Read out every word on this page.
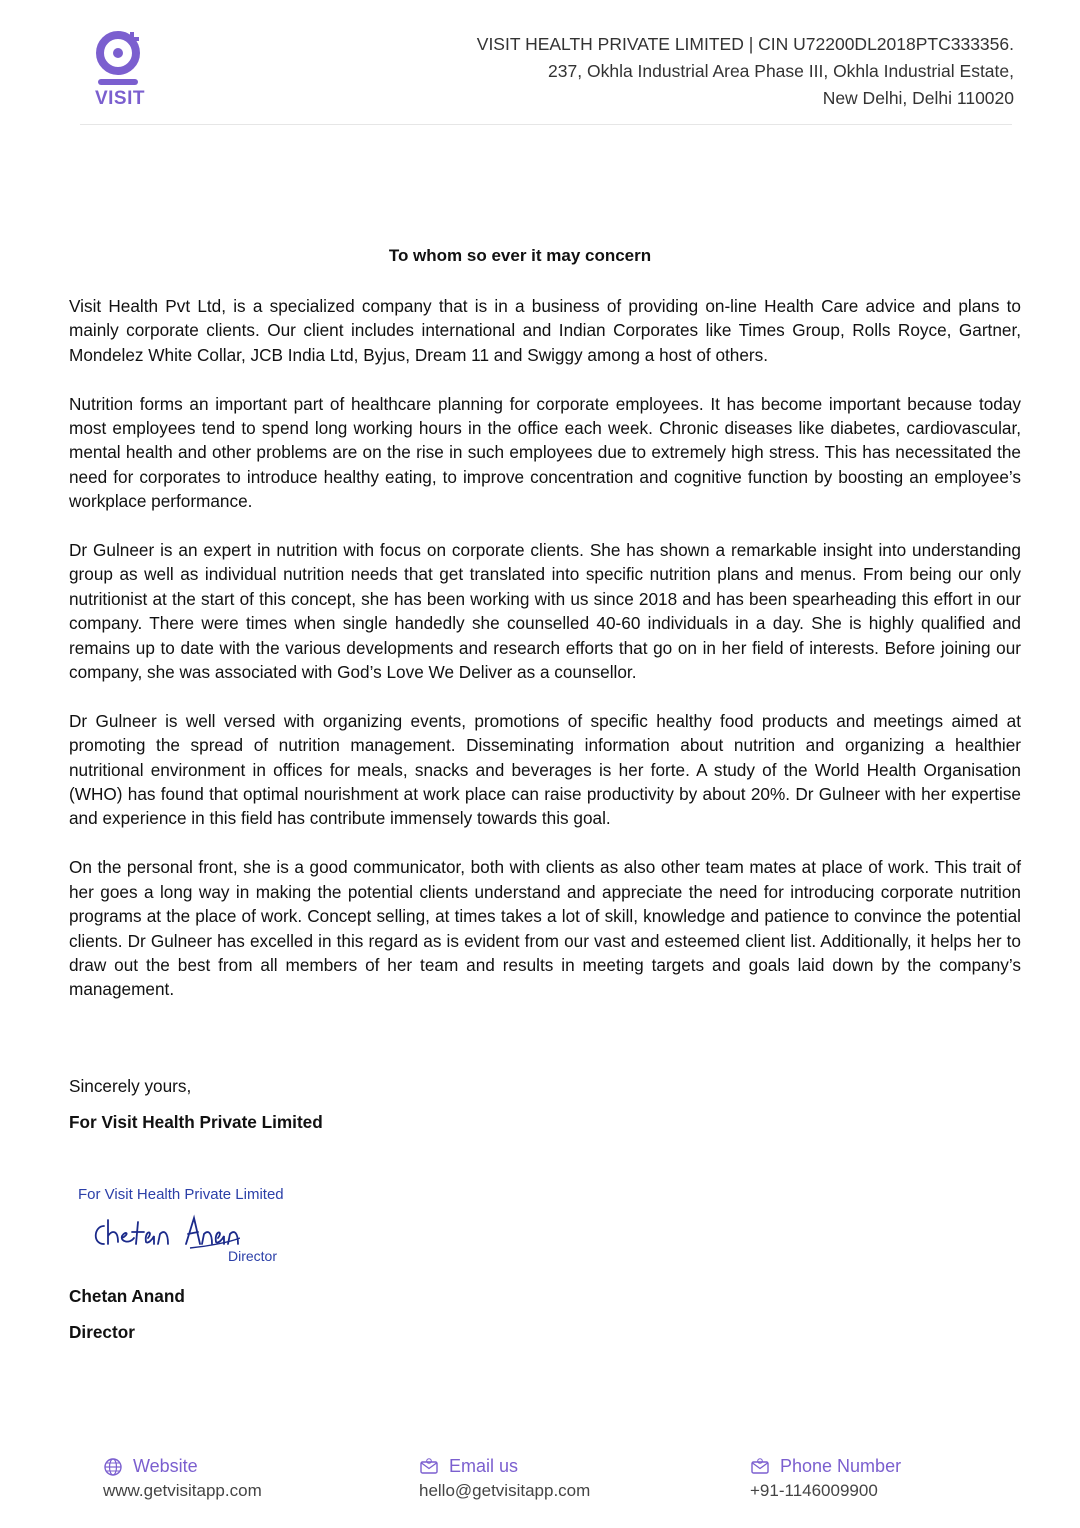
VISIT
VISIT HEALTH PRIVATE LIMITED | CIN U72200DL2018PTC333356.
237, Okhla Industrial Area Phase III, Okhla Industrial Estate,
New Delhi, Delhi 110020
To whom so ever it may concern

Visit Health Pvt Ltd, is a specialized company that is in a business of providing on-line Health Care advice and plans to mainly corporate clients. Our client includes international and Indian Corporates like Times Group, Rolls Royce, Gartner, Mondelez White Collar, JCB India Ltd, Byjus, Dream 11 and Swiggy among a host of others.

Nutrition forms an important part of healthcare planning for corporate employees. It has become important because today most employees tend to spend long working hours in the office each week. Chronic diseases like diabetes, cardiovascular, mental health and other problems are on the rise in such employees due to extremely high stress. This has necessitated the need for corporates to introduce healthy eating, to improve concentration and cognitive function by boosting an employee’s workplace performance.

Dr Gulneer is an expert in nutrition with focus on corporate clients. She has shown a remarkable insight into understanding group as well as individual nutrition needs that get translated into specific nutrition plans and menus. From being our only nutritionist at the start of this concept, she has been working with us since 2018 and has been spearheading this effort in our company. There were times when single handedly she counselled 40-60 individuals in a day. She is highly qualified and remains up to date with the various developments and research efforts that go on in her field of interests. Before joining our company, she was associated with God’s Love We Deliver as a counsellor.

Dr Gulneer is well versed with organizing events, promotions of specific healthy food products and meetings aimed at promoting the spread of nutrition management. Disseminating information about nutrition and organizing a healthier nutritional environment in offices for meals, snacks and beverages is her forte. A study of the World Health Organisation (WHO) has found that optimal nourishment at work place can raise productivity by about 20%. Dr Gulneer with her expertise and experience in this field has contribute immensely towards this goal.

On the personal front, she is a good communicator, both with clients as also other team mates at place of work. This trait of her goes a long way in making the potential clients understand and appreciate the need for introducing corporate nutrition programs at the place of work. Concept selling, at times takes a lot of skill, knowledge and patience to convince the potential clients. Dr Gulneer has excelled in this regard as is evident from our vast and esteemed client list. Additionally, it helps her to draw out the best from all members of her team and results in meeting targets and goals laid down by the company’s management.

Sincerely yours,
For Visit Health Private Limited
For Visit Health Private Limited
Director
Chetan Anand
Director
Website
www.getvisitapp.com
Email us
hello@getvisitapp.com
Phone Number
+91-1146009900
